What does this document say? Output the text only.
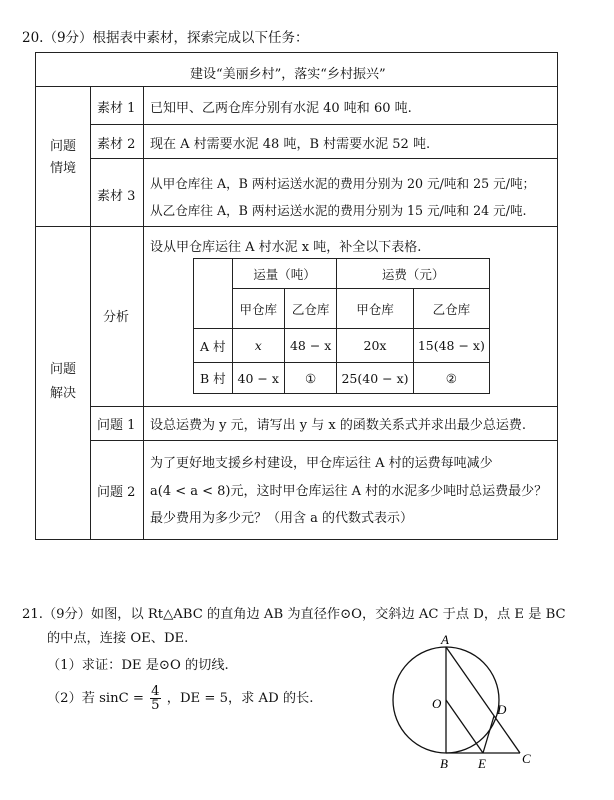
20.（9分）根据表中素材，探索完成以下任务：
建设“美丽乡村”，落实“乡村振兴”
问题
情境
素材 1 已知甲、乙两仓库分别有水泥 40 吨和 60 吨.
素材 2 现在 A 村需要水泥 48 吨，B 村需要水泥 52 吨.
素材 3
从甲仓库往 A，B 两村运送水泥的费用分别为 20 元/吨和 25 元/吨；
从乙仓库往 A，B 两村运送水泥的费用分别为 15 元/吨和 24 元/吨.
问题
解决
分析
设从甲仓库运往 A 村水泥 x 吨，补全以下表格.
	运量（吨）		运费（元）	
	甲仓库	乙仓库	甲仓库	乙仓库
A 村	x	48 − x	20x	15(48 − x)
B 村	40 − x	①	25(40 − x)	②
问题 1 设总运费为 y 元，请写出 y 与 x 的函数关系式并求出最少总运费.
问题 2
为了更好地支援乡村建设，甲仓库运往 A 村的运费每吨减少
a(4 < a < 8)元，这时甲仓库运往 A 村的水泥多少吨时总运费最少？
最少费用为多少元？（用含 a 的代数式表示）
21.（9分）如图，以 Rt△ABC 的直角边 AB 为直径作⊙O，交斜边 AC 于点 D，点 E 是 BC
的中点，连接 OE、DE.
（1）求证：DE 是⊙O 的切线.
（2）若 $\sin C = \frac{4}{5}$ ，DE = 5，求 AD 的长.
A
O	D
B E	C
